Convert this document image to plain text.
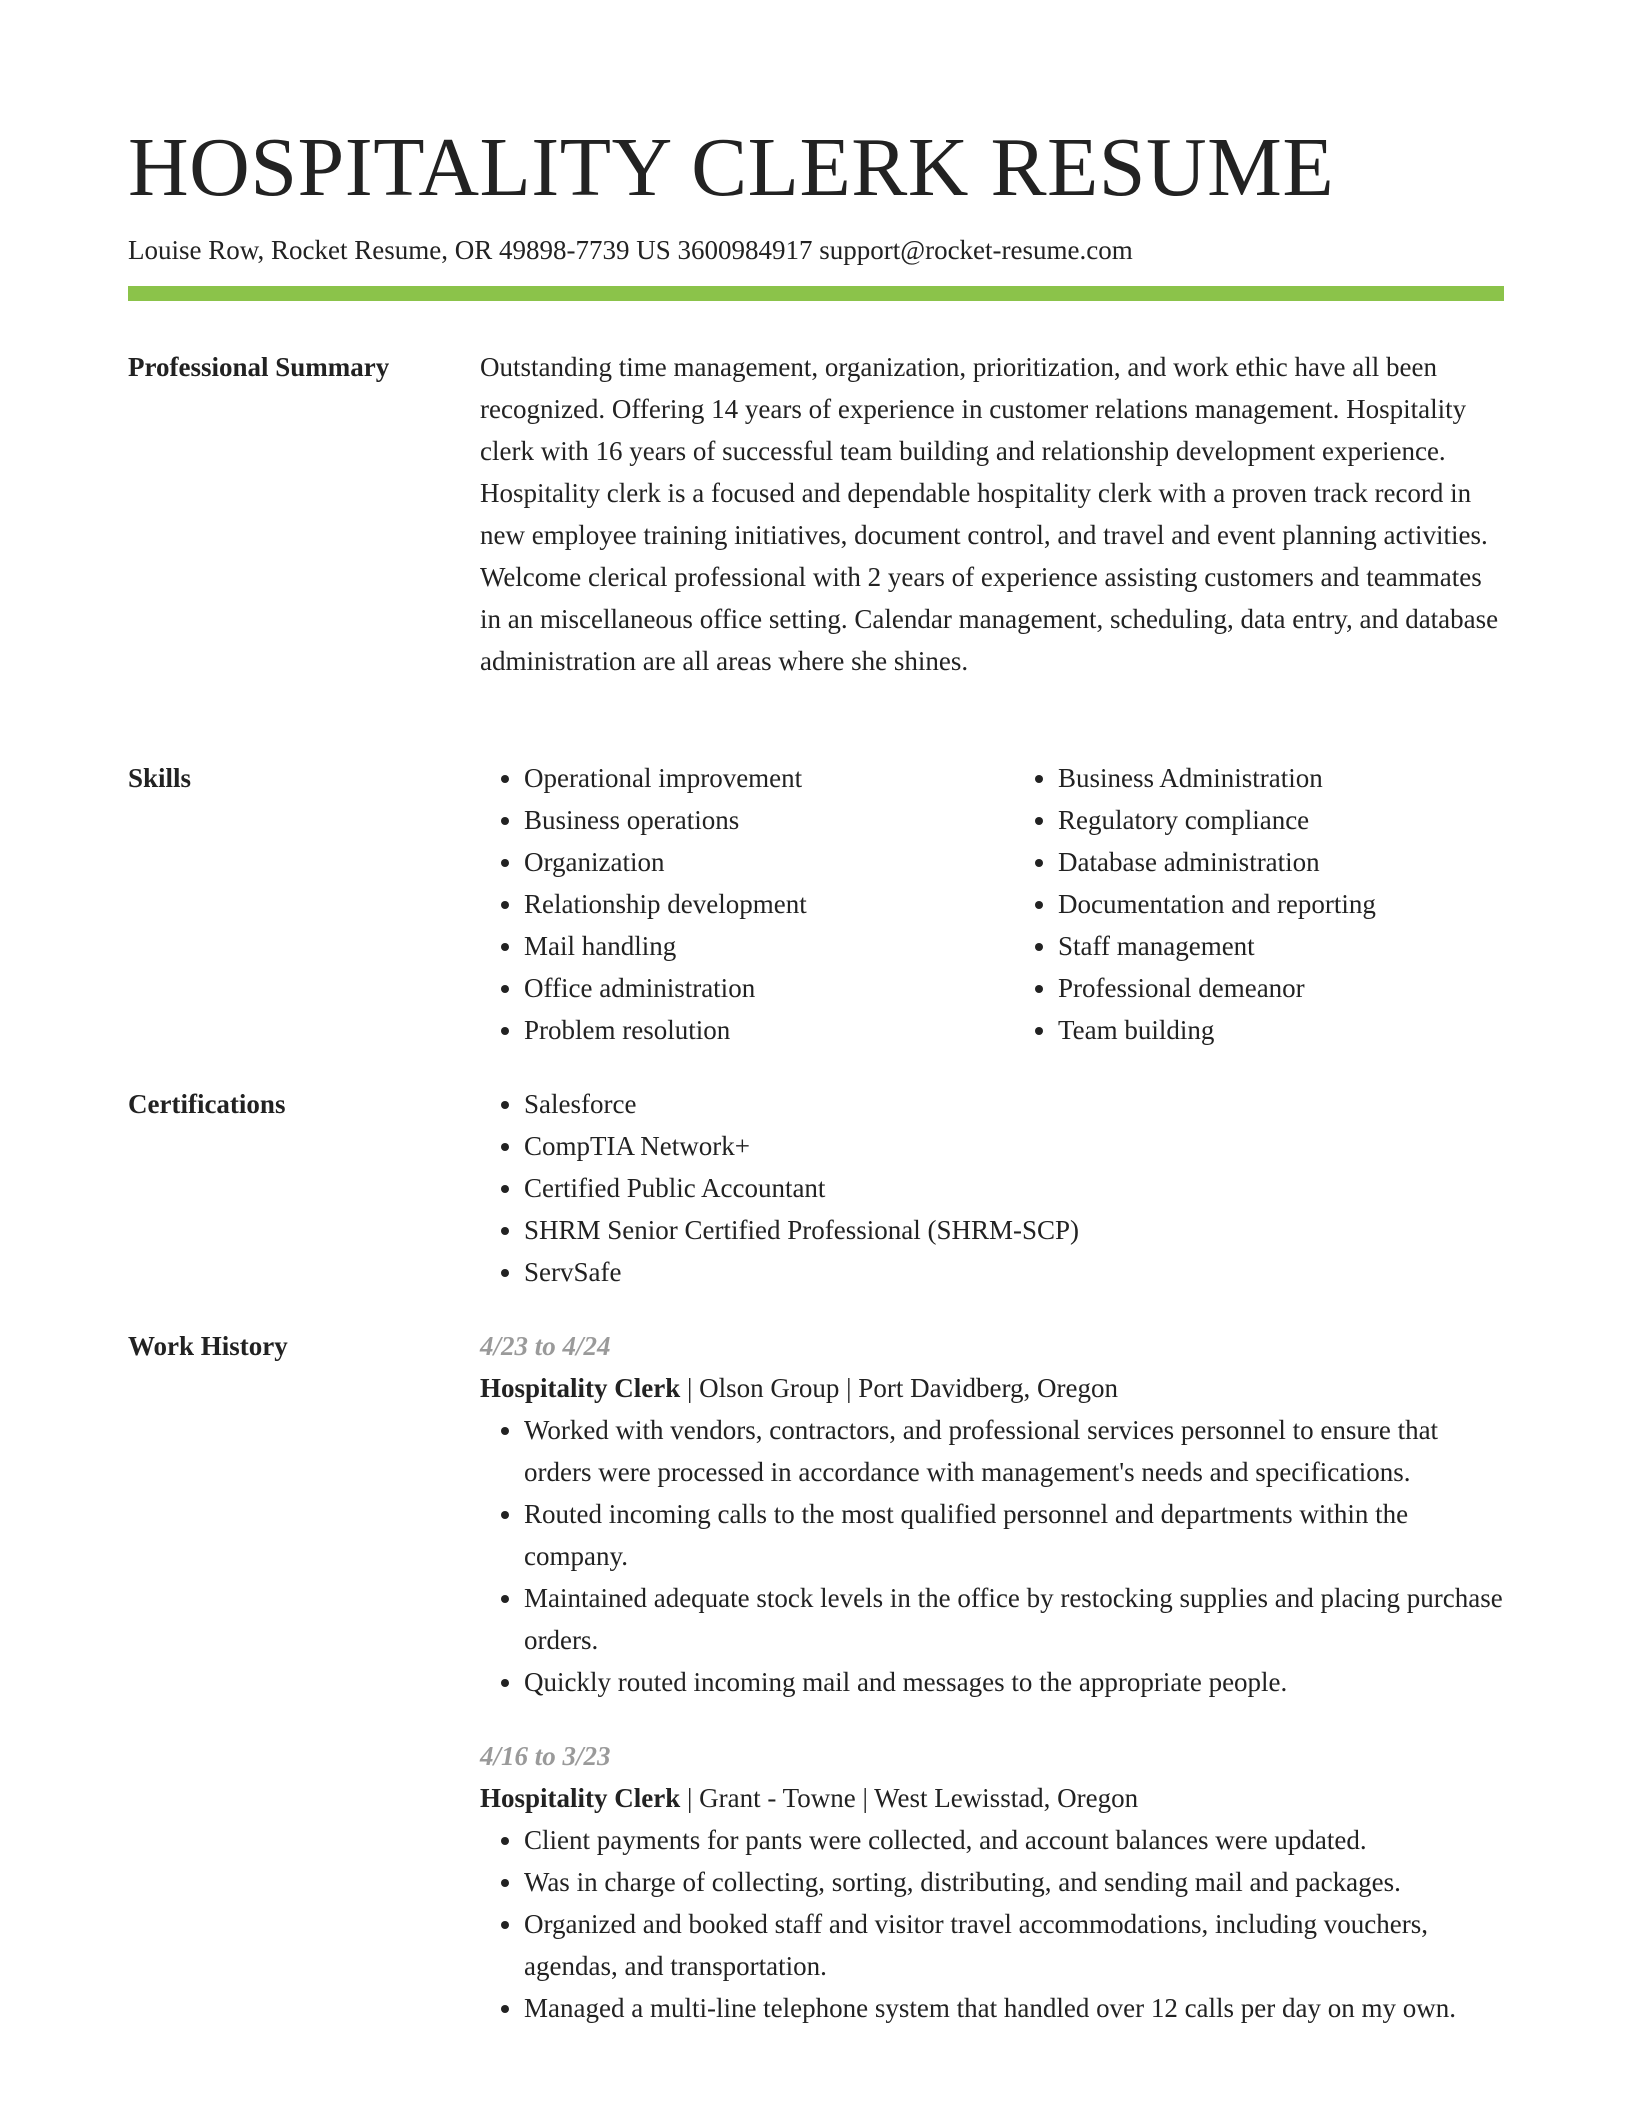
HOSPITALITY CLERK RESUME
Louise Row, Rocket Resume, OR 49898-7739 US 3600984917 support@rocket-resume.com
Professional Summary	Outstanding time management, organization, prioritization, and work ethic have all been recognized. Offering 14 years of experience in customer relations management. Hospitality clerk with 16 years of successful team building and relationship development experience. Hospitality clerk is a focused and dependable hospitality clerk with a proven track record in new employee training initiatives, document control, and travel and event planning activities. Welcome clerical professional with 2 years of experience assisting customers and teammates in an miscellaneous office setting. Calendar management, scheduling, data entry, and database administration are all areas where she shines.

Skills	• Operational improvement
• Business operations
• Organization
• Relationship development
• Mail handling
• Office administration
• Problem resolution
• Business Administration
• Regulatory compliance
• Database administration
• Documentation and reporting
• Staff management
• Professional demeanor
• Team building
Certifications	• Salesforce
• CompTIA Network+
• Certified Public Accountant
• SHRM Senior Certified Professional (SHRM-SCP)
• ServSafe
Work History	4/23 to 4/24
Hospitality Clerk | Olson Group | Port Davidberg, Oregon
• Worked with vendors, contractors, and professional services personnel to ensure that orders were processed in accordance with management's needs and specifications.
• Routed incoming calls to the most qualified personnel and departments within the company.
• Maintained adequate stock levels in the office by restocking supplies and placing purchase orders.
• Quickly routed incoming mail and messages to the appropriate people.
4/16 to 3/23
Hospitality Clerk | Grant - Towne | West Lewisstad, Oregon
• Client payments for pants were collected, and account balances were updated.
• Was in charge of collecting, sorting, distributing, and sending mail and packages.
• Organized and booked staff and visitor travel accommodations, including vouchers, agendas, and transportation.
• Managed a multi-line telephone system that handled over 12 calls per day on my own.
